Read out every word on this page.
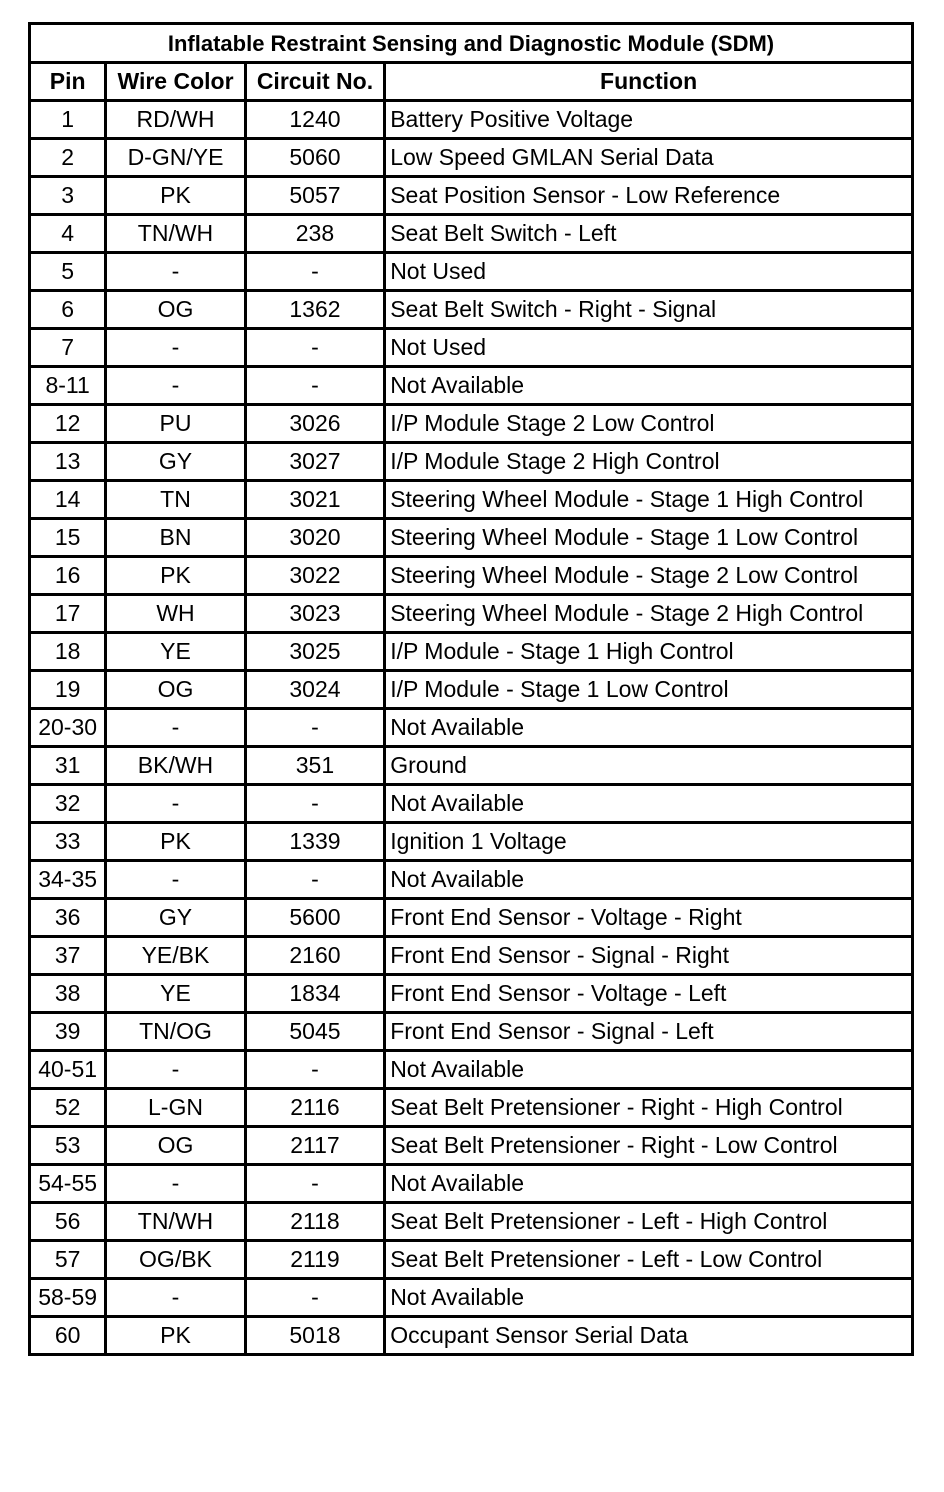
Inflatable Restraint Sensing and Diagnostic Module (SDM)			
Pin	Wire Color	Circuit No.	Function
1	RD/WH	1240	Battery Positive Voltage
2	D-GN/YE	5060	Low Speed GMLAN Serial Data
3	PK	5057	Seat Position Sensor - Low Reference
4	TN/WH	238	Seat Belt Switch - Left
5	-	-	Not Used
6	OG	1362	Seat Belt Switch - Right - Signal
7	-	-	Not Used
8-11	-	-	Not Available
12	PU	3026	I/P Module Stage 2 Low Control
13	GY	3027	I/P Module Stage 2 High Control
14	TN	3021	Steering Wheel Module - Stage 1 High Control
15	BN	3020	Steering Wheel Module - Stage 1 Low Control
16	PK	3022	Steering Wheel Module - Stage 2 Low Control
17	WH	3023	Steering Wheel Module - Stage 2 High Control
18	YE	3025	I/P Module - Stage 1 High Control
19	OG	3024	I/P Module - Stage 1 Low Control
20-30	-	-	Not Available
31	BK/WH	351	Ground
32	-	-	Not Available
33	PK	1339	Ignition 1 Voltage
34-35	-	-	Not Available
36	GY	5600	Front End Sensor - Voltage - Right
37	YE/BK	2160	Front End Sensor - Signal - Right
38	YE	1834	Front End Sensor - Voltage - Left
39	TN/OG	5045	Front End Sensor - Signal - Left
40-51	-	-	Not Available
52	L-GN	2116	Seat Belt Pretensioner - Right - High Control
53	OG	2117	Seat Belt Pretensioner - Right - Low Control
54-55	-	-	Not Available
56	TN/WH	2118	Seat Belt Pretensioner - Left - High Control
57	OG/BK	2119	Seat Belt Pretensioner - Left - Low Control
58-59	-	-	Not Available
60	PK	5018	Occupant Sensor Serial Data
